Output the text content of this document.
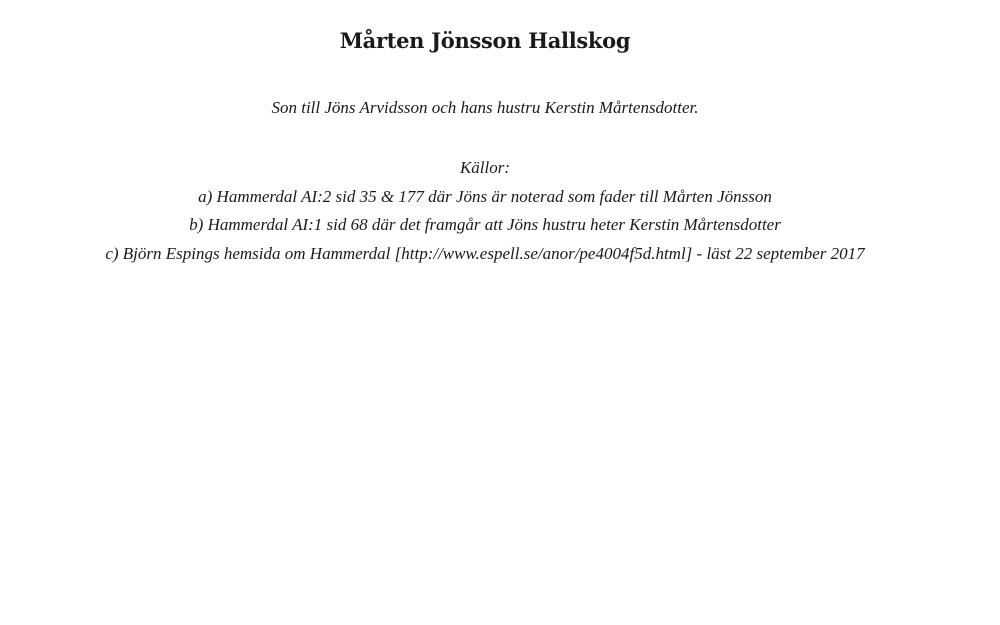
Mårten Jönsson Hallskog

Son till Jöns Arvidsson och hans hustru Kerstin Mårtensdotter.

Källor:
a) Hammerdal AI:2 sid 35 & 177 där Jöns är noterad som fader till Mårten Jönsson
b) Hammerdal AI:1 sid 68 där det framgår att Jöns hustru heter Kerstin Mårtensdotter
c) Björn Espings hemsida om Hammerdal [http://www.espell.se/anor/pe4004f5d.html] - läst 22 september 2017
